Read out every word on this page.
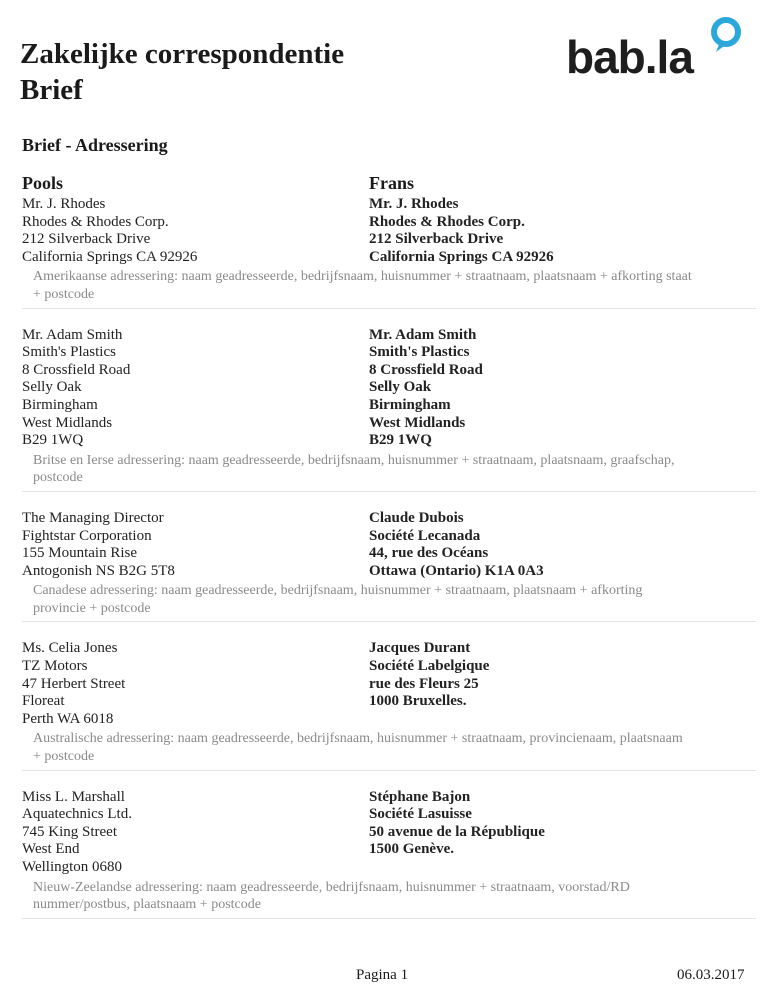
Zakelijke correspondentie
Brief
bab.la
Brief - Adressering
Pools	Frans
Mr. J. Rhodes
Rhodes & Rhodes Corp.
212 Silverback Drive
California Springs CA 92926
Mr. J. Rhodes
Rhodes & Rhodes Corp.
212 Silverback Drive
California Springs CA 92926
Amerikaanse adressering: naam geadresseerde, bedrijfsnaam, huisnummer + straatnaam, plaatsnaam + afkorting staat
+ postcode
Mr. Adam Smith
Smith's Plastics
8 Crossfield Road
Selly Oak
Birmingham
West Midlands
B29 1WQ
Mr. Adam Smith
Smith's Plastics
8 Crossfield Road
Selly Oak
Birmingham
West Midlands
B29 1WQ
Britse en Ierse adressering: naam geadresseerde, bedrijfsnaam, huisnummer + straatnaam, plaatsnaam, graafschap,
postcode
The Managing Director
Fightstar Corporation
155 Mountain Rise
Antogonish NS B2G 5T8
Claude Dubois
Société Lecanada
44, rue des Océans
Ottawa (Ontario) K1A 0A3
Canadese adressering: naam geadresseerde, bedrijfsnaam, huisnummer + straatnaam, plaatsnaam + afkorting
provincie + postcode
Ms. Celia Jones
TZ Motors
47 Herbert Street
Floreat
Perth WA 6018
Jacques Durant
Société Labelgique
rue des Fleurs 25
1000 Bruxelles.
Australische adressering: naam geadresseerde, bedrijfsnaam, huisnummer + straatnaam, provincienaam, plaatsnaam
+ postcode
Miss L. Marshall
Aquatechnics Ltd.
745 King Street
West End
Wellington 0680
Stéphane Bajon
Société Lasuisse
50 avenue de la République
1500 Genève.
Nieuw-Zeelandse adressering: naam geadresseerde, bedrijfsnaam, huisnummer + straatnaam, voorstad/RD
nummer/postbus, plaatsnaam + postcode
Pagina 1	06.03.2017
